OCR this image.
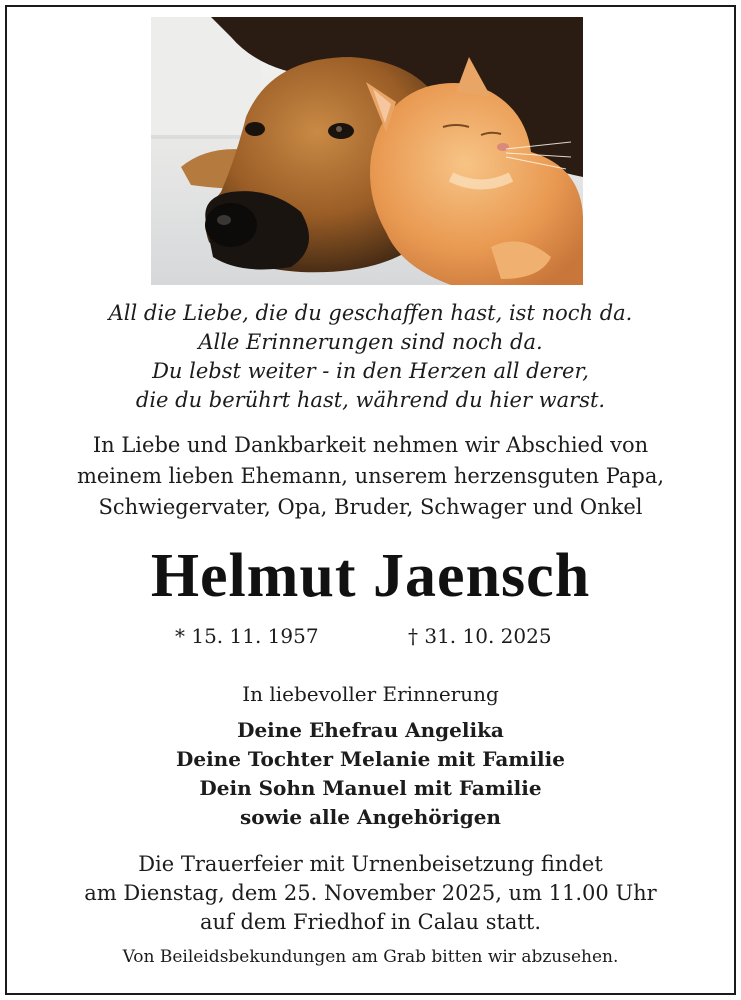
All die Liebe, die du geschaffen hast, ist noch da.
Alle Erinnerungen sind noch da.
Du lebst weiter - in den Herzen all derer,
die du berührt hast, während du hier warst.
In Liebe und Dankbarkeit nehmen wir Abschied von
meinem lieben Ehemann, unserem herzensguten Papa,
Schwiegervater, Opa, Bruder, Schwager und Onkel
Helmut Jaensch
* 15. 11. 1957	† 31. 10. 2025
In liebevoller Erinnerung
Deine Ehefrau Angelika
Deine Tochter Melanie mit Familie
Dein Sohn Manuel mit Familie
sowie alle Angehörigen
Die Trauerfeier mit Urnenbeisetzung findet
am Dienstag, dem 25. November 2025, um 11.00 Uhr
auf dem Friedhof in Calau statt.
Von Beileidsbekundungen am Grab bitten wir abzusehen.
